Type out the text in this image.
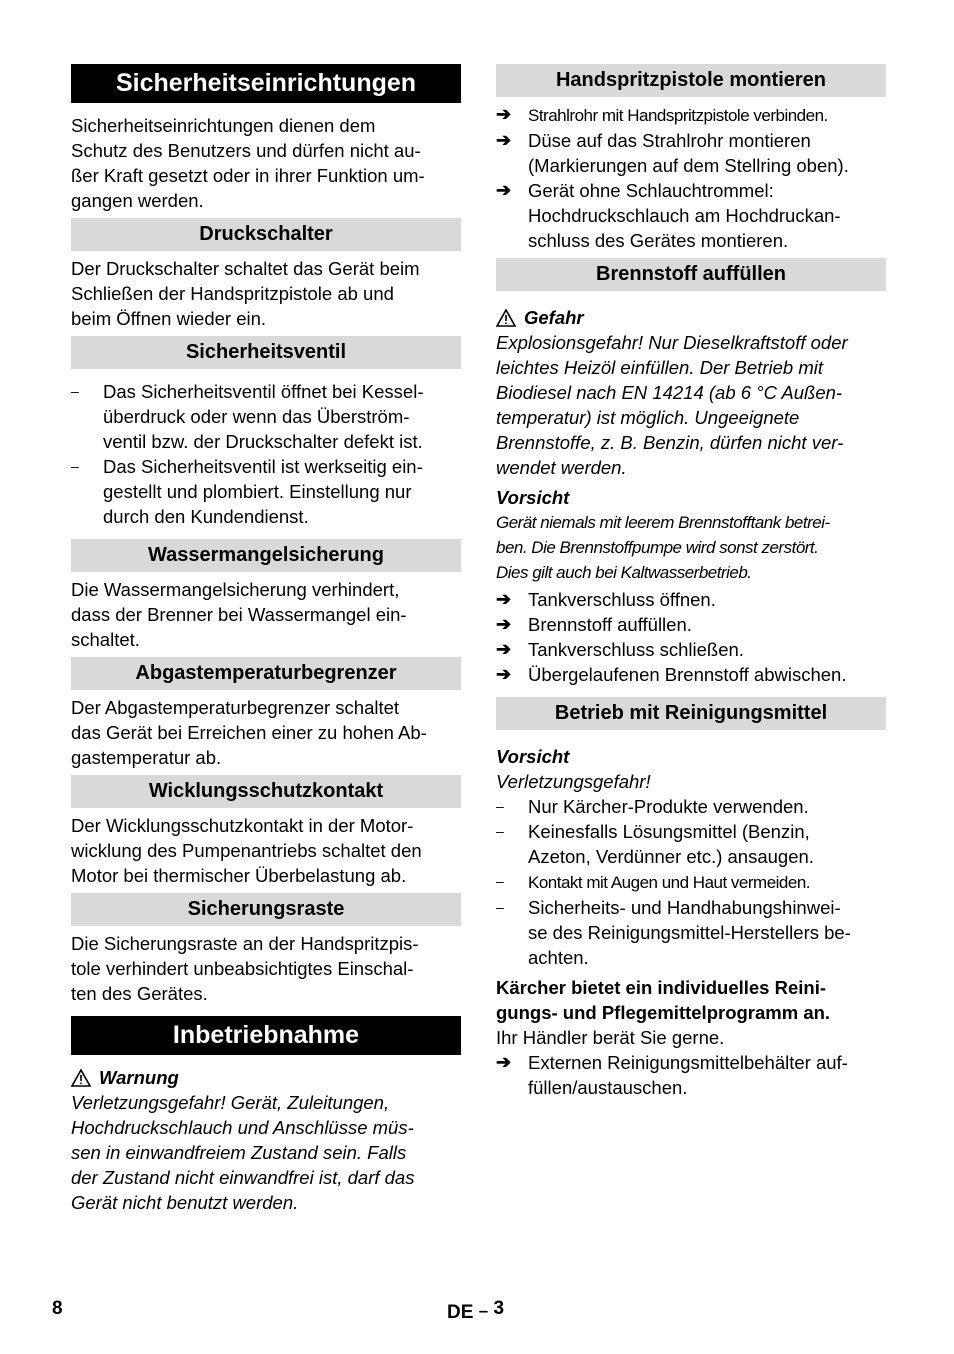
Sicherheitseinrichtungen

Sicherheitseinrichtungen dienen dem

Schutz des Benutzers und dürfen nicht au-

ßer Kraft gesetzt oder in ihrer Funktion um-

gangen werden.

Druckschalter

Der Druckschalter schaltet das Gerät beim

Schließen der Handspritzpistole ab und

beim Öffnen wieder ein.

Sicherheitsventil
–	Das Sicherheitsventil öffnet bei Kessel-
überdruck oder wenn das Überström-
ventil bzw. der Druckschalter defekt ist.
–	Das Sicherheitsventil ist werkseitig ein-
gestellt und plombiert. Einstellung nur
durch den Kundendienst.
Wassermangelsicherung

Die Wassermangelsicherung verhindert,

dass der Brenner bei Wassermangel ein-

schaltet.

Abgastemperaturbegrenzer

Der Abgastemperaturbegrenzer schaltet

das Gerät bei Erreichen einer zu hohen Ab-

gastemperatur ab.

Wicklungsschutzkontakt

Der Wicklungsschutzkontakt in der Motor-

wicklung des Pumpenantriebs schaltet den

Motor bei thermischer Überbelastung ab.

Sicherungsraste

Die Sicherungsraste an der Handspritzpis-

tole verhindert unbeabsichtigtes Einschal-

ten des Gerätes.

Inbetriebnahme
Warnung

Verletzungsgefahr! Gerät, Zuleitungen,

Hochdruckschlauch und Anschlüsse müs-

sen in einwandfreiem Zustand sein. Falls

der Zustand nicht einwandfrei ist, darf das

Gerät nicht benutzt werden.

Handspritzpistole montieren
➔ Strahlrohr mit Handspritzpistole verbinden.
➔ Düse auf das Strahlrohr montieren
(Markierungen auf dem Stellring oben).
➔ Gerät ohne Schlauchtrommel:
Hochdruckschlauch am Hochdruckan-
schluss des Gerätes montieren.
Brennstoff auffüllen
Gefahr

Explosionsgefahr! Nur Dieselkraftstoff oder

leichtes Heizöl einfüllen. Der Betrieb mit

Biodiesel nach EN 14214 (ab 6 °C Außen-

temperatur) ist möglich. Ungeeignete

Brennstoffe, z. B. Benzin, dürfen nicht ver-

wendet werden.

Vorsicht

Gerät niemals mit leerem Brennstofftank betrei-

ben. Die Brennstoffpumpe wird sonst zerstört.

Dies gilt auch bei Kaltwasserbetrieb.

➔ Tankverschluss öffnen.
➔ Brennstoff auffüllen.
➔ Tankverschluss schließen.
➔ Übergelaufenen Brennstoff abwischen.
Betrieb mit Reinigungsmittel
Vorsicht

Verletzungsgefahr!

–	Nur Kärcher-Produkte verwenden.
–	Keinesfalls Lösungsmittel (Benzin,
Azeton, Verdünner etc.) ansaugen.
–	Kontakt mit Augen und Haut vermeiden.
–	Sicherheits- und Handhabungshinwei-
se des Reinigungsmittel-Herstellers be-
achten.

Kärcher bietet ein individuelles Reini-

gungs- und Pflegemittelprogramm an.

Ihr Händler berät Sie gerne.

➔ Externen Reinigungsmittelbehälter auf-
füllen/austauschen.
8	DE – 3
